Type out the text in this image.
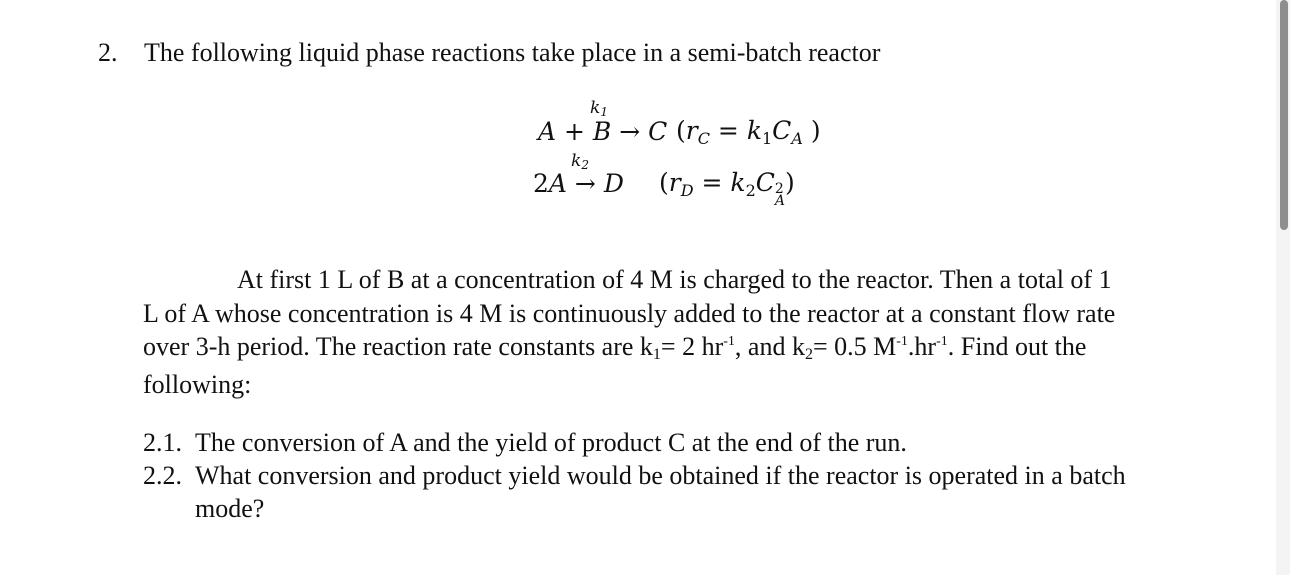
2. The following liquid phase reactions take place in a semi-batch reactor
k1
A + B → C ($r_C = k_1C_A$ )
k2
2A → D ($r_D = k_2C$ 2
A
)
At first 1 L of B at a concentration of 4 M is charged to the reactor. Then a total of 1
L of A whose concentration is 4 M is continuously added to the reactor at a constant flow rate
over 3-h period. The reaction rate constants are k1= 2 $hr^{-1}$, and k2= 0.5 $M^{-1}.hr^{-1}$. Find out the
following:
2.1. The conversion of A and the yield of product C at the end of the run.
2.2. What conversion and product yield would be obtained if the reactor is operated in a batch
mode?
